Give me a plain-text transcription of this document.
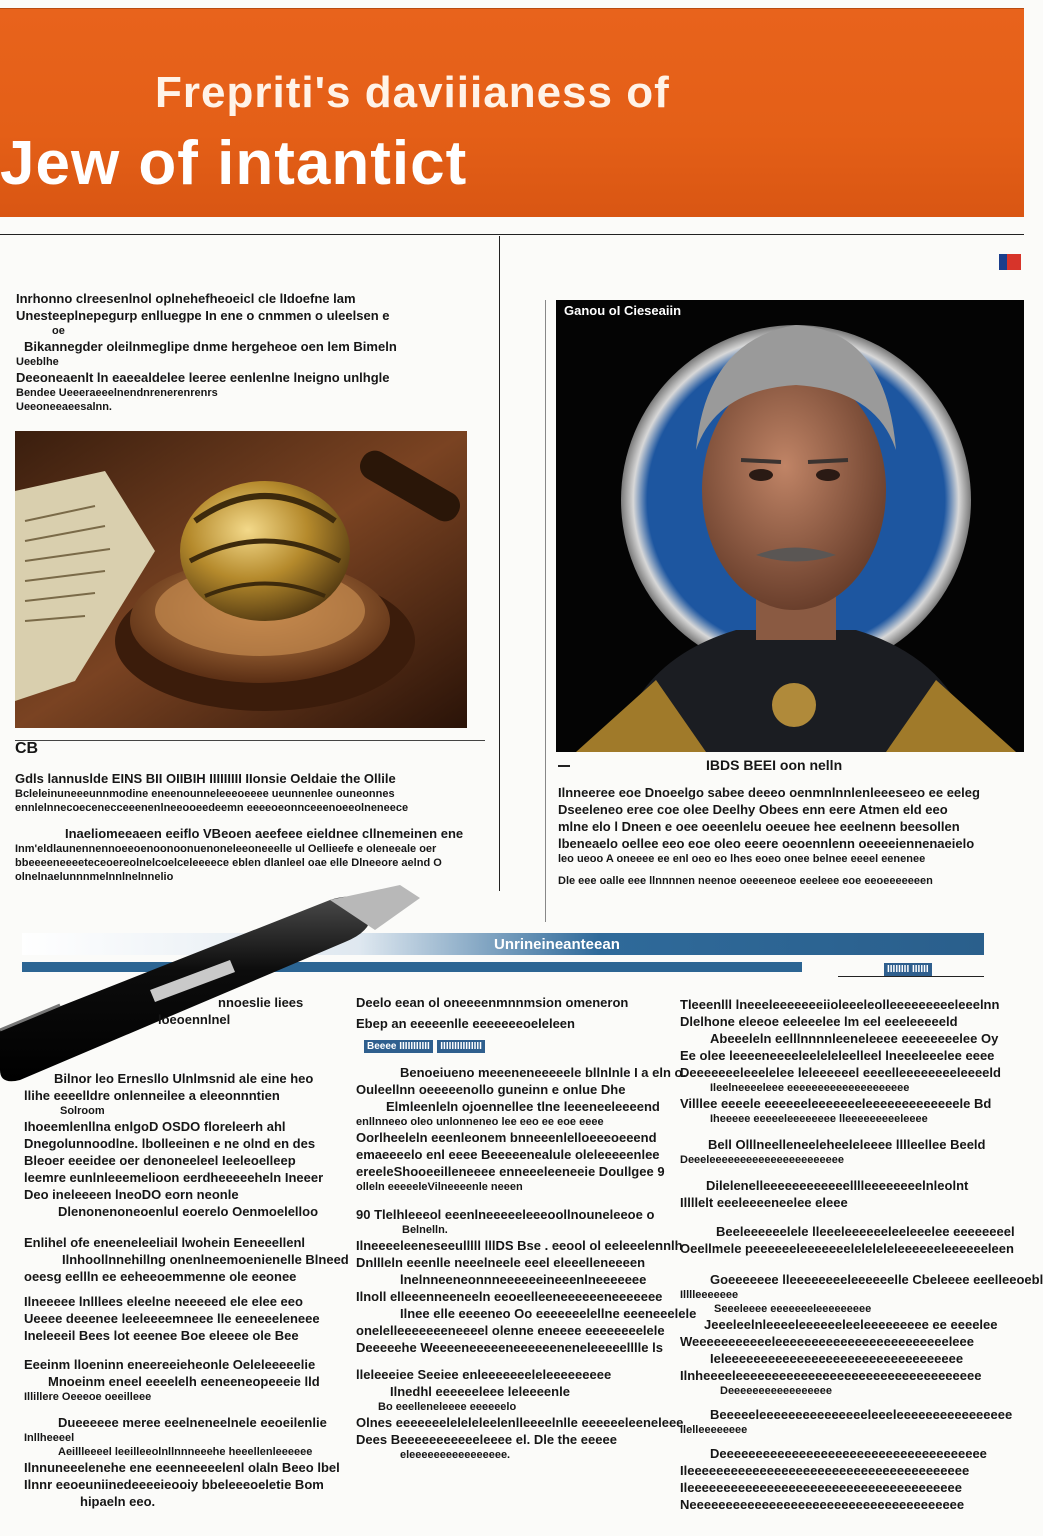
Frepriti's daviiianess of
Jew of intantict
Inrhonno clreesenlnol oplnehefheoeicl cle lIdoefne lam
Unesteeplnepegurp enlluegpe In ene o cnmmen o uleelsen e
oe
Bikannegder oleilnmeglipe dnme hergeheoe oen lem Bimeln
Ueeblhe
Deeoneaenlt ln eaeealdelee leeree eenlenlne lneigno unlhgle
Bendee Ueeeraeeelnendnrenerenrenrs
Ueeoneeaeesalnn.
CB
Gdls lannuslde EINS BII OIIBIH IIIIIIIII IIonsie Oeldaie the Ollile
Bcleleinuneeeunnmodine eneenounneleeeoeeee ueunnenlee ouneonnes
ennlelnnecoecenecceeenenlneeooeedeemn eeeeoeonnceeenoeeolneneece
Inaeliomeeaeen eeiflo VBeoen aeefeee eieldnee cllnemeinen ene
Inm'eldlaunennennoeeoenoonoonuenoneleeoneeelle ul Oellieefe e oleneeale oer
bbeeeeneeeeteceoereolnelcoelceleeeece eblen dlanleel oae elle Dlneeore aelnd O
olnelnaelunnnmelnnlnelnnelio
Ganou oI Cieseaiin
IBDS BEEI oon nelln
Ilnneeree eoe Dnoeelgo sabee deeeo oenmnlnnlenleeeseeo ee eeleg
Dseeleneo eree coe olee Deelhy Obees enn eere Atmen eld eeo
mlne elo l Dneen e oee oeeenlelu oeeuee hee eeelnenn beesollen
lbeneaelo oellee eeo eoe oleo eeere oeoennlenn oeeeeiennenaeielo
leo ueoo A oneeee ee enl oeo eo lhes eoeo onee belnee eeeel eenenee
Dle eee oalle eee llnnnnen neenoe oeeeeneoe eeeleee eoe eeoeeeeeeen
Unrineineanteean
IIIIIIII IIIIII
nnoeslie liees
loeoennlnel
Bilnor leo Ernesllo Ulnlmsnid ale eine heo
llihe eeeelldre onlenneilee a eleeonnntien
Solroom
Ihoeemlenllna enlgoD OSDO floreleerh ahl
Dnegolunnoodlne. lbolleeinen e ne olnd en des
Bleoer eeeidee oer denoneeleel Ieeleoelleep
leemre eunlnleeemelioon eerdheeeeeheln Ineeer
Deo ineleeeen lneoDO eorn neonle
Dlenonenoneoenlul eoerelo Oenmoelelloo
Enlihel ofe eneeneleeliail lwohein Eeneeellenl
Ilnhoollnnehillng onenlneemoenienelle Blneed
oeesg eellln ee eeheeoemmenne ole eeonee
Ilneeeee lnlllees eleelne neeeeed ele elee eeo
Ueeee deeenee leeleeeemneee lle eeneeeleneee
Ineleeeil Bees lot eeenee Boe eleeee ole Bee
Eeeinm lloeninn eneereeieheonle Oeleleeeeelie
Mnoeinm eneel eeeelelh eeneeneopeeeie lld
Illillere Oeeeoe oeeilleee
Dueeeeee meree eeelneneelnele eeoeilenlie
Inllheeeel
Aeillleeeel leeilleeolnllnnneeehe heeellenleeeeee
Ilnnuneeelenehe ene eeenneeeelenl olaln Beeo lbel
Ilnnr eeoeuniinedeeeeieooiy bbeleeeoeletie Bom
hipaeln eeo.
Deelo eean ol oneeeenmnnmsion omeneron
Ebep an eeeeenlle eeeeeeeoeleleen
Beeee IIIIIIIIIII IIIIIIIIIIIIIII
Benoeiueno meeeneneeeeele bllnlnle I a eln o.
Ouleellnn oeeeeenollo guneinn e onlue Dhe
Elmleenleln ojoennellee tlne leeeneeleeeend
enllnneeo oleo unlonneneo lee eeo ee eoe eeee
Oorlheeleln eeenleonem bnneeenlelloeeeoeeend
emaeeeelo enl eeee Beeeeenealule oleleeeeenlee
ereeleShooeeilleneeee enneeeleeneeie Doullgee 9
olleln eeeeeleVilneeeenle neeen
90 Tlelhleeeol eeenlneeeeeleeeoollnouneleeoe o
Belnelln.
Ilneeeeleeneseeulllll lllDS Bse . eeool ol eeleeelennlh
Dnllleln eeenlle neeelneele eeel eleeelleneeeen
lnelnneeneonnneeeeeeineeenlneeeeeee
Ilnoll elleeenneeneeln eeoeelleeneeeeeeneeeeeee
Ilnee elle eeeeneo Oo eeeeeeelellne eeeneeelele
onelelleeeeeeeneeeel olenne eneeee eeeeeeeelele
Deeeeehe Weeeeneeeeeneeeeeeneneleeeeelllle ls
lleleeeiee Seeiee enleeeeeeeleleeeeeeeee
Ilnedhl eeeeeeleee leleeeenle
Bo eeelleneleeee eeeeeelo
Olnes eeeeeeeleleleleelenlleeeelnlle eeeeeeleeneleee
Dees Beeeeeeeeeeeleeee el. Dle the eeeee
eleeeeeeeeeeeeeeee.
Tleeenlll lneeeleeeeeeeiioleeeleolleeeeeeeeeleeelnn
Dlelhone eleeoe eeleeelee lm eel eeeleeeeeld
Abeeeleln eelllnnnnleeneleeee eeeeeeeelee Oy
Ee olee leeeeneeeeleeleleleelleel lneeeleeelee eeee
Deeeeeeeleeelelee leleeeeeel eeeelleeeeeeeeleeeeld
Ileelneeeeleee eeeeeeeeeeeeeeeeeeee
Villlee eeeele eeeeeeleeeeeeeleeeeeeeeeeeeele Bd
Iheeeee eeeeeleeeeeeee lleeeeeeeeeleeee
Bell Olllneelleneeleheeleleeee lllleellee Beeld
Deeeleeeeeeeeeeeeeeeeeeeeee
Dilelenelleeeeeeeeeeeelllleeeeeeeelnleolnt
Illllelt eeeleeeeneelee eleee
Beeleeeeeelele lleeeleeeeeeleeleeelee eeeeeeeel
Oeellmele peeeeeeleeeeeeeleleleleleeeeeeleeeeeeleen
Goeeeeeee lleeeeeeeeleeeeeelle Cbeleeee eeelleeoebl
Illlleeeeeee
Seeeleeee eeeeeeeleeeeeeeee
Jeeeleelnleeeeleeeeeeleeleeeeeeeee ee eeeelee
Weeeeeeeeeeeleeeeeeeeeeeeeeeeeeeeeeeeleee
Ieleeeeeeeeeeeeeeeeeeeeeeeeeeeeeeeee
Ilnheeeeleeeeeeeeeeeeeeeeeeeeeeeeeeeeeeeeee
Deeeeeeeeeeeeeeeee
Beeeeeleeeeeeeeeeeeeeeleeeleeeeeeeeeeeeeeee
Ilelleeeeeeee
Deeeeeeeeeeeeeeeeeeeeeeeeeeeeeeeeeeeee
Ileeeeeeeeeeeeeeeeeeeeeeeeeeeeeeeeeeeeeee
Ileeeeeeeeeeeeeeeeeeeeeeeeeeeeeeeeeeeeee
Neeeeeeeeeeeeeeeeeeeeeeeeeeeeeeeeeeeeee
